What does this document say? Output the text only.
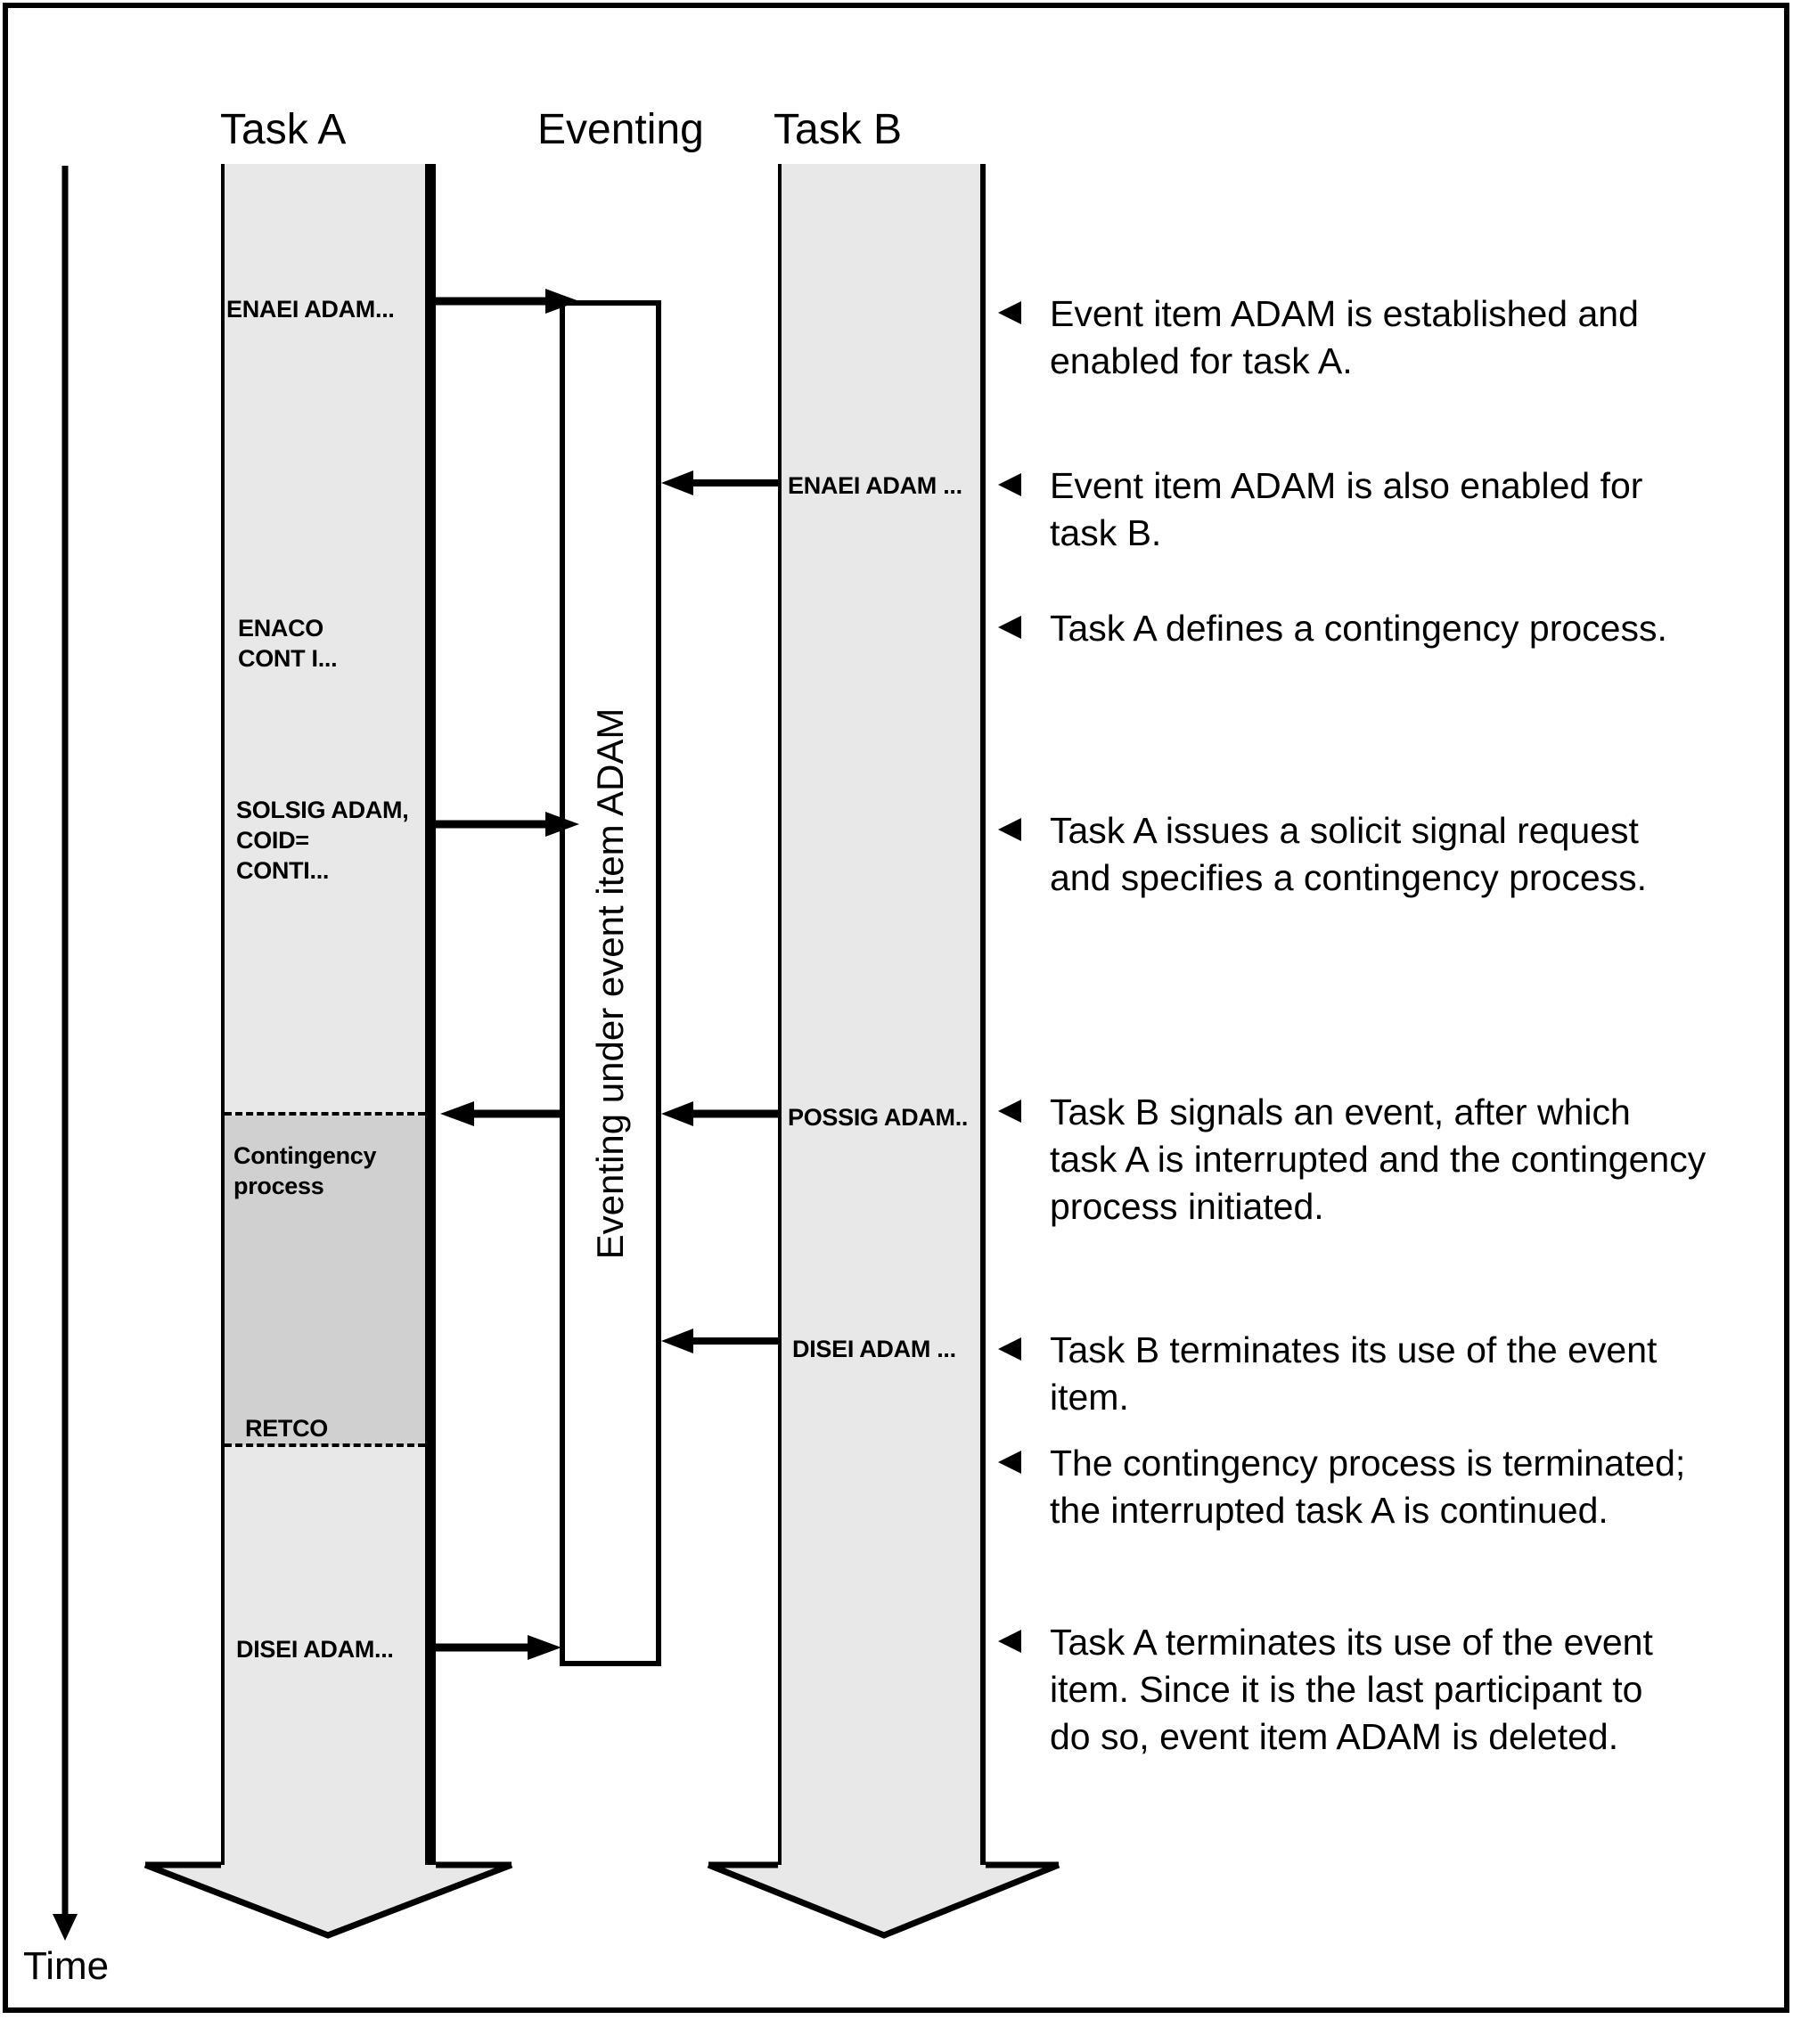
Task A	Eventing Task B
Eventing under event item ADAM
ENAEI ADAM...
ENACO
CONT I...
SOLSIG ADAM,
COID=
CONTI...
Contingency
process
RETCO
DISEI ADAM...
ENAEI ADAM ...
POSSIG ADAM..
DISEI ADAM ...
Event item ADAM is established and
enabled for task A.
Event item ADAM is also enabled for
task B.
Task A defines a contingency process.
Task A issues a solicit signal request
and specifies a contingency process.
Task B signals an event, after which
task A is interrupted and the contingency
process initiated.
Task B terminates its use of the event
item.
The contingency process is terminated;
the interrupted task A is continued.
Task A terminates its use of the event
item. Since it is the last participant to
do so, event item ADAM is deleted.
Time
